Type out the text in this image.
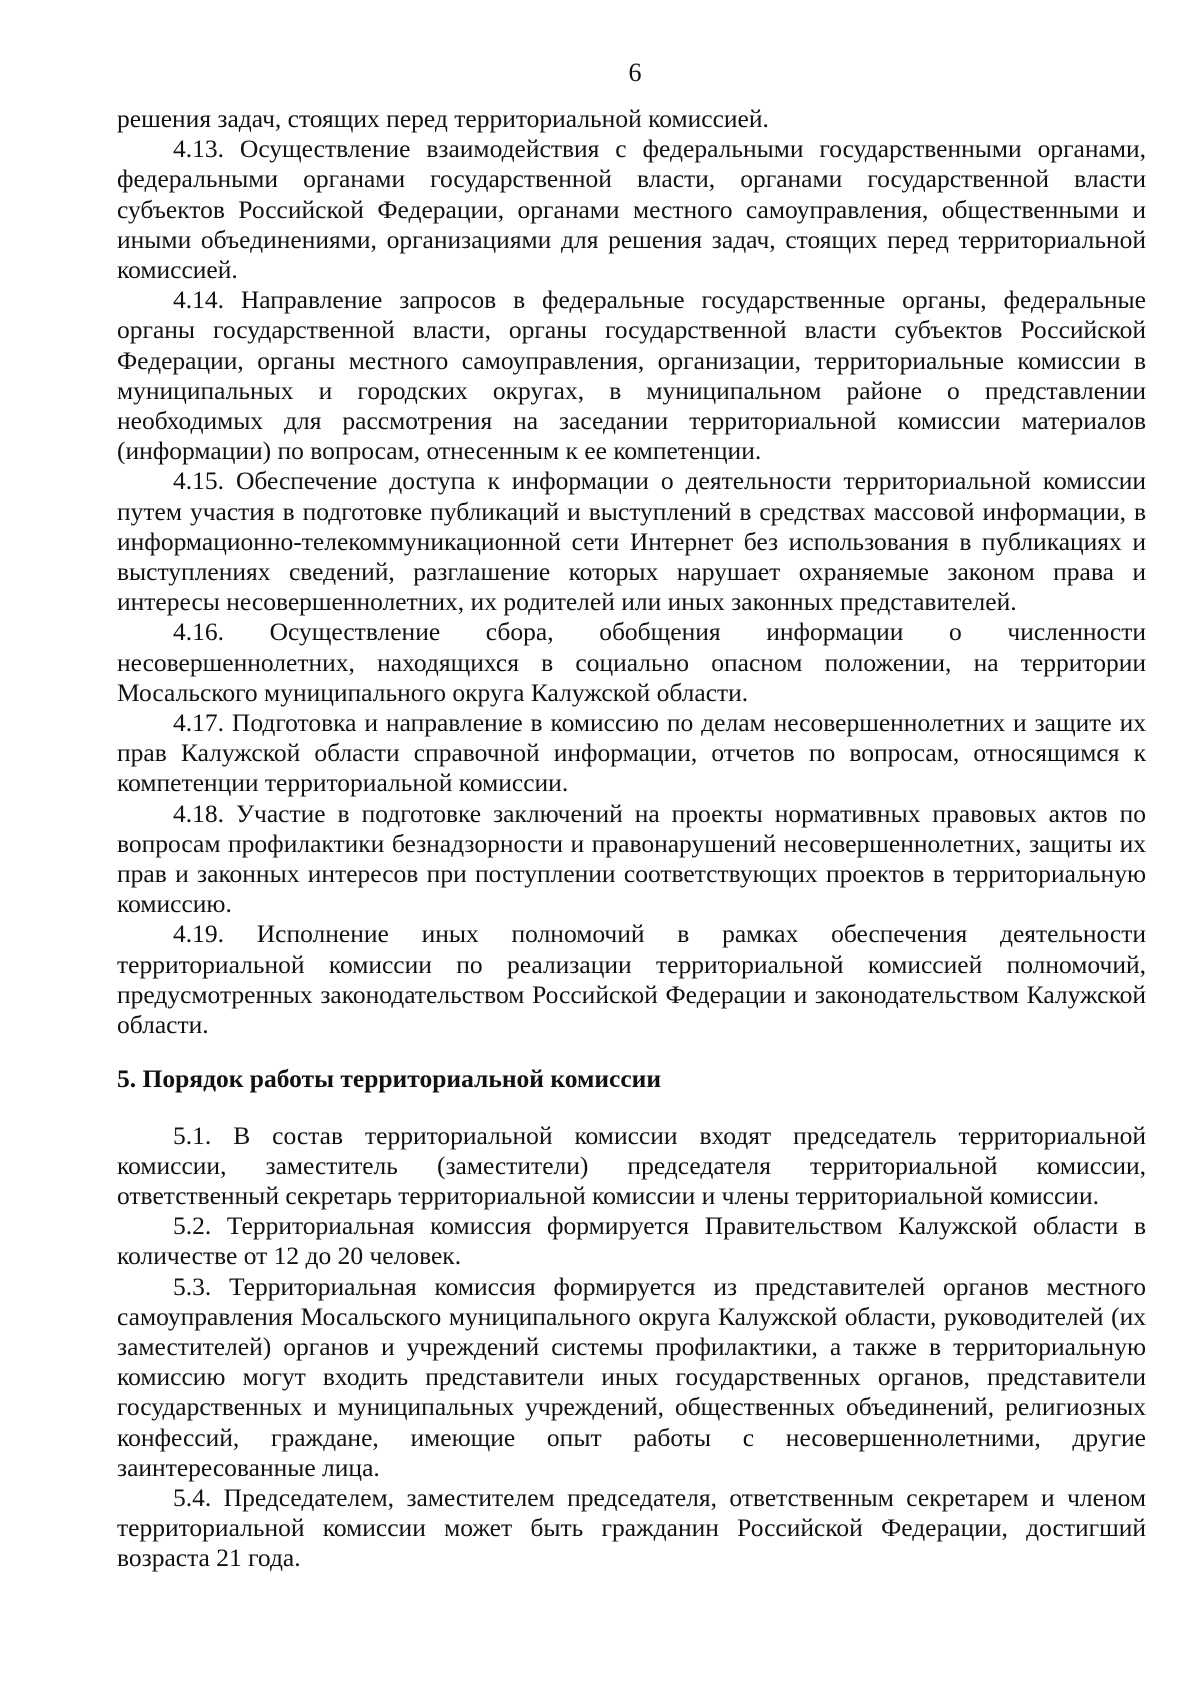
6

решения задач, стоящих перед территориальной комиссией.

4.13. Осуществление взаимодействия с федеральными государственными органами, федеральными органами государственной власти, органами государственной власти субъектов Российской Федерации, органами местного самоуправления, общественными и иными объединениями, организациями для решения задач, стоящих перед территориальной комиссией.

4.14. Направление запросов в федеральные государственные органы, федеральные органы государственной власти, органы государственной власти субъектов Российской Федерации, органы местного самоуправления, организации, территориальные комиссии в муниципальных и городских округах, в муниципальном районе о представлении необходимых для рассмотрения на заседании территориальной комиссии материалов (информации) по вопросам, отнесенным к ее компетенции.

4.15. Обеспечение доступа к информации о деятельности территориальной комиссии путем участия в подготовке публикаций и выступлений в средствах массовой информации, в информационно-телекоммуникационной сети Интернет без использования в публикациях и выступлениях сведений, разглашение которых нарушает охраняемые законом права и интересы несовершеннолетних, их родителей или иных законных представителей.

4.16. Осуществление сбора, обобщения информации о численности несовершеннолетних, находящихся в социально опасном положении, на территории Мосальского муниципального округа Калужской области.

4.17. Подготовка и направление в комиссию по делам несовершеннолетних и защите их прав Калужской области справочной информации, отчетов по вопросам, относящимся к компетенции территориальной комиссии.

4.18. Участие в подготовке заключений на проекты нормативных правовых актов по вопросам профилактики безнадзорности и правонарушений несовершеннолетних, защиты их прав и законных интересов при поступлении соответствующих проектов в территориальную комиссию.

4.19. Исполнение иных полномочий в рамках обеспечения деятельности территориальной комиссии по реализации территориальной комиссией полномочий, предусмотренных законодательством Российской Федерации и законодательством Калужской области.

5. Порядок работы территориальной комиссии

5.1. В состав территориальной комиссии входят председатель территориальной комиссии, заместитель (заместители) председателя территориальной комиссии, ответственный секретарь территориальной комиссии и члены территориальной комиссии.

5.2. Территориальная комиссия формируется Правительством Калужской области в количестве от 12 до 20 человек.

5.3. Территориальная комиссия формируется из представителей органов местного самоуправления Мосальского муниципального округа Калужской области, руководителей (их заместителей) органов и учреждений системы профилактики, а также в территориальную комиссию могут входить представители иных государственных органов, представители государственных и муниципальных учреждений, общественных объединений, религиозных конфессий, граждане, имеющие опыт работы с несовершеннолетними, другие заинтересованные лица.

5.4. Председателем, заместителем председателя, ответственным секретарем и членом территориальной комиссии может быть гражданин Российской Федерации, достигший возраста 21 года.
